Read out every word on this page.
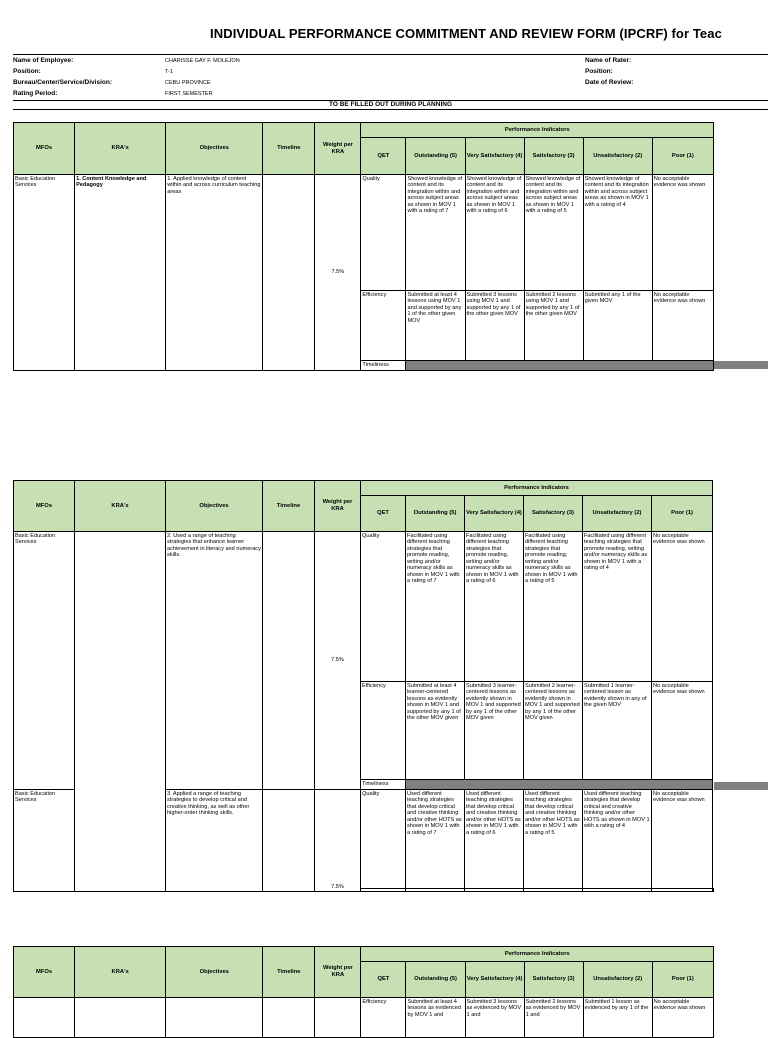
INDIVIDUAL PERFORMANCE COMMITMENT AND REVIEW FORM (IPCRF) for Teac
Name of Employee:	CHARISSE GAY F. MOLEJON
Position:	T-1
Bureau/Center/Service/Division:	CEBU PROVINCE
Rating Period:	FIRST SEMESTER
Name of Rater:
Position:
Date of Review:
TO BE FILLED OUT DURING PLANNING
MFOs	KRA's	Objectives	Timeline	Weight per KRA	Performance Indicators					
					QET	Outstanding (5)	Very Satisfactory (4)	Satisfactory (3)	Unsatisfactory (2)	Poor (1)
Basic Education Services	1. Content Knowledge and Pedagogy	1. Applied knowledge of content within and across curriculum teaching areas		7.5%	Quality	Showed knowledge of content and its integration within and across subject areas as shown in MOV 1 with a rating of 7	Showed knowledge of content and its integration within and across subject areas as shown in MOV 1 with a rating of 6	Showed knowledge of content and its integration within and across subject areas as shown in MOV 1 with a rating of 5	Showed knowledge of content and its integration within and across subject areas as shown in MOV 1 with a rating of 4	No acceptable evidence was shown
					Efficiency	Submitted at least 4 lessons using MOV 1 and supported by any 1 of the other given MOV	Submitted 3 lessons using MOV 1 and supported by any 1 of the other given MOV	Submitted 2 lessons using MOV 1 and supported by any 1 of the other given MOV	Submitted any 1 of the given MOV	No acceptable evidence was shown
					Timeliness					
MFOs	KRA's	Objectives	Timeline	Weight per KRA	Performance Indicators						
					QET	Outstanding (5)	Very Satisfactory (4)	Satisfactory (3)	Unsatisfactory (2)	Poor (1)	
Basic Education Services		2. Used a range of teaching strategies that enhance learner achievement in literacy and numeracy skills.		7.5%	Quality	Facilitated using different teaching strategies that promote reading, writing and/or numeracy skills as shown in MOV 1 with a rating of 7	Facilitated using different teaching strategies that promote reading, writing and/or numeracy skills as shown in MOV 1 with a rating of 6	Facilitated using different teaching strategies that promote reading, writing and/or numeracy skills as shown in MOV 1 with a rating of 5	Facilitated using different teaching strategies that promote reading, writing and/or numeracy skills as shown in MOV 1 with a rating of 4	No acceptable evidence was shown	
					Efficiency	Submitted at least 4 learner-centered lessons as evidently shown in MOV 1 and supported by any 1 of the other MOV given	Submitted 3 learner-centered lessons as evidently shown in MOV 1 and supported by any 1 of the other MOV given	Submitted 2 learner-centered lessons as evidently shown in MOV 1 and supported by any 1 of the other MOV given	Submitted 1 learner-centered lesson as evidently shown in any of the given MOV	No acceptable evidence was shown	
					Timeliness						
Basic Education Services		3. Applied a range of teaching strategies to develop critical and creative thinking, as well as other higher-order thinking skills.		7.5%	Quality	Used different teaching strategies that develop critical and creative thinking and/or other HOTS as shown in MOV 1 with a rating of 7	Used different teaching strategies that develop critical and creative thinking and/or other HOTS as shown in MOV 1 with a rating of 6	Used different teaching strategies that develop critical and creative thinking and/or other HOTS as shown in MOV 1 with a rating of 5	Used different teaching strategies that develop critical and creative thinking and/or other HOTS as shown in MOV 1 with a rating of 4	No acceptable evidence was shown	

MFOs	KRA's	Objectives	Timeline	Weight per KRA	Performance Indicators					
					QET	Outstanding (5)	Very Satisfactory (4)	Satisfactory (3)	Unsatisfactory (2)	Poor (1)
					Efficiency	Submitted at least 4 lessons as evidenced by MOV 1 and	Submitted 3 lessons as evidenced by MOV 1 and	Submitted 2 lessons as evidenced by MOV 1 and	Submitted 1 lesson as evidenced by any 1 of the	No acceptable evidence was shown
